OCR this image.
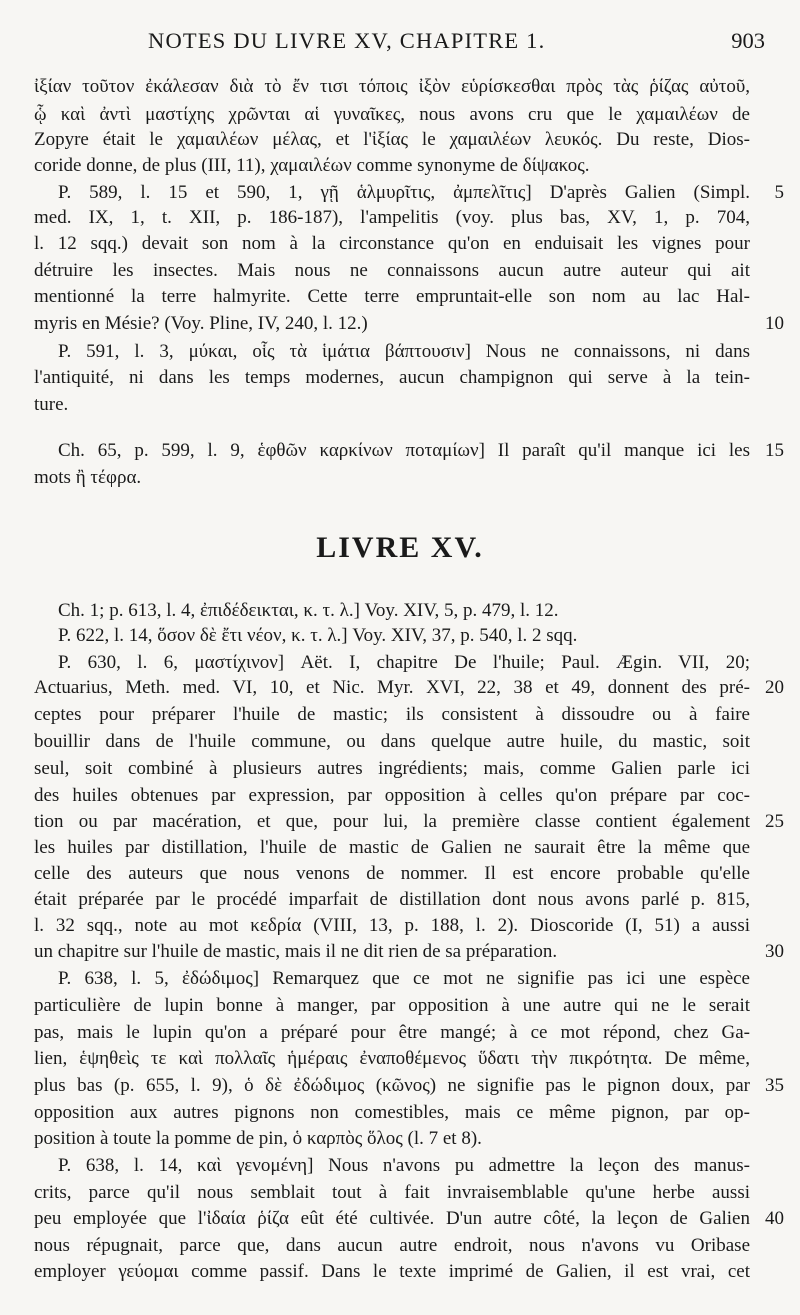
NOTES DU LIVRE XV, CHAPITRE 1.	903
ἰξίαν τοῦτον ἐκάλεσαν διὰ τὸ ἔν τισι τόποις ἰξὸν εὑρίσκεσθαι πρὸς τὰς ῥίζας αὐτοῦ,
ᾧ καὶ ἀντὶ μαστίχης χρῶνται αἱ γυναῖκες, nous avons cru que le χαμαιλέων de
Zopyre était le χαμαιλέων μέλας, et l'ἰξίας le χαμαιλέων λευκός. Du reste, Dios-
coride donne, de plus (III, 11), χαμαιλέων comme synonyme de δίψακος.
P. 589, l. 15 et 590, 1, γῇ ἁλμυρῖτις, ἀμπελῖτις] D'après Galien (Simpl.	5
med. IX, 1, t. XII, p. 186-187), l'ampelitis (voy. plus bas, XV, 1, p. 704,
l. 12 sqq.) devait son nom à la circonstance qu'on en enduisait les vignes pour
détruire les insectes. Mais nous ne connaissons aucun autre auteur qui ait
mentionné la terre halmyrite. Cette terre empruntait-elle son nom au lac Hal-
myris en Mésie? (Voy. Pline, IV, 240, l. 12.)	10
P. 591, l. 3, μύκαι, οἷς τὰ ἱμάτια βάπτουσιν] Nous ne connaissons, ni dans
l'antiquité, ni dans les temps modernes, aucun champignon qui serve à la tein-
ture.
Ch. 65, p. 599, l. 9, ἑφθῶν καρκίνων ποταμίων] Il paraît qu'il manque ici les 15
mots ἢ τέφρα.
LIVRE XV.
Ch. 1; p. 613, l. 4, ἐπιδέδεικται, κ. τ. λ.] Voy. XIV, 5, p. 479, l. 12.
P. 622, l. 14, ὅσον δὲ ἔτι νέον, κ. τ. λ.] Voy. XIV, 37, p. 540, l. 2 sqq.
P. 630, l. 6, μαστίχινον] Aët. I, chapitre De l'huile; Paul. Ægin. VII, 20;
Actuarius, Meth. med. VI, 10, et Nic. Myr. XVI, 22, 38 et 49, donnent des pré- 20
ceptes pour préparer l'huile de mastic; ils consistent à dissoudre ou à faire
bouillir dans de l'huile commune, ou dans quelque autre huile, du mastic, soit
seul, soit combiné à plusieurs autres ingrédients; mais, comme Galien parle ici
des huiles obtenues par expression, par opposition à celles qu'on prépare par coc-
tion ou par macération, et que, pour lui, la première classe contient également 25
les huiles par distillation, l'huile de mastic de Galien ne saurait être la même que
celle des auteurs que nous venons de nommer. Il est encore probable qu'elle
était préparée par le procédé imparfait de distillation dont nous avons parlé p. 815,
l. 32 sqq., note au mot κεδρία (VIII, 13, p. 188, l. 2). Dioscoride (I, 51) a aussi
un chapitre sur l'huile de mastic, mais il ne dit rien de sa préparation.	30
P. 638, l. 5, ἐδώδιμος] Remarquez que ce mot ne signifie pas ici une espèce
particulière de lupin bonne à manger, par opposition à une autre qui ne le serait
pas, mais le lupin qu'on a préparé pour être mangé; à ce mot répond, chez Ga-
lien, ἑψηθεὶς τε καὶ πολλαῖς ἡμέραις ἐναποθέμενος ὕδατι τὴν πικρότητα. De même,
plus bas (p. 655, l. 9), ὁ δὲ ἐδώδιμος (κῶνος) ne signifie pas le pignon doux, par 35
opposition aux autres pignons non comestibles, mais ce même pignon, par op-
position à toute la pomme de pin, ὁ καρπὸς ὅλος (l. 7 et 8).
P. 638, l. 14, καὶ γενομένη] Nous n'avons pu admettre la leçon des manus-
crits, parce qu'il nous semblait tout à fait invraisemblable qu'une herbe aussi
peu employée que l'ἰδαία ῥίζα eût été cultivée. D'un autre côté, la leçon de Galien 40
nous répugnait, parce que, dans aucun autre endroit, nous n'avons vu Oribase
employer γεύομαι comme passif. Dans le texte imprimé de Galien, il est vrai, cet
